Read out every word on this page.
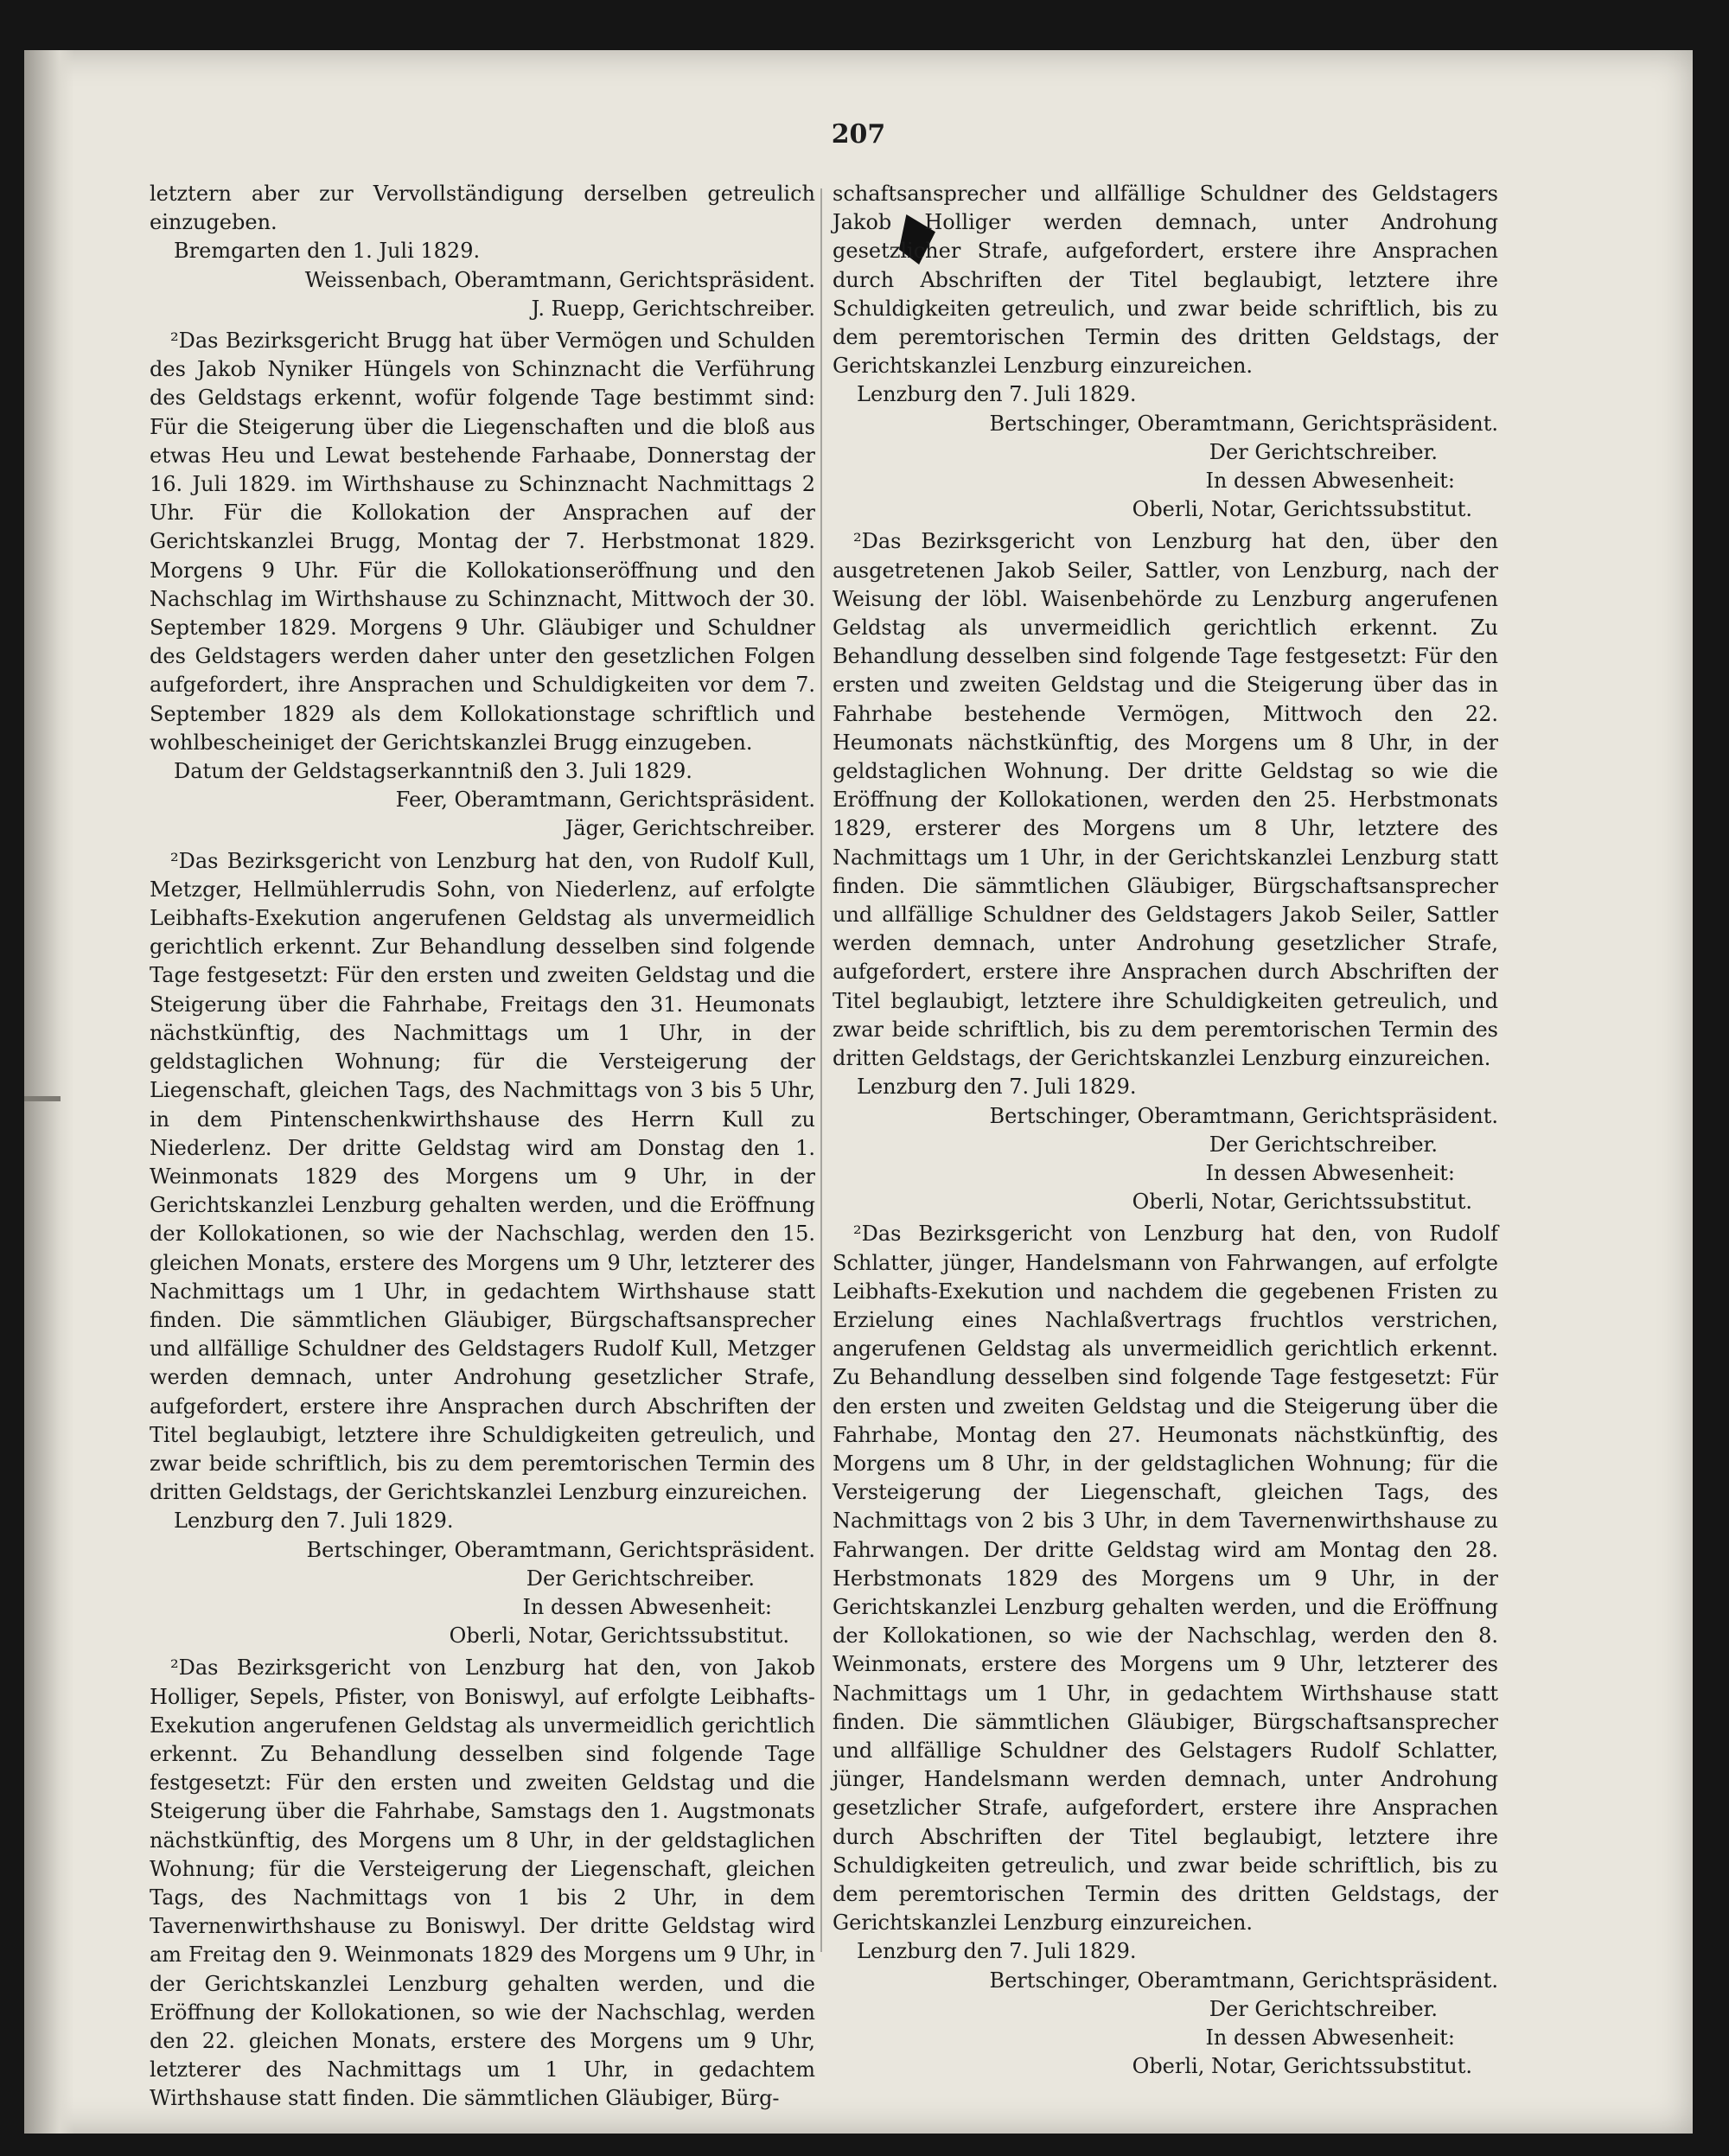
207

letztern aber zur Vervollständigung derselben getreulich einzugeben.

Bremgarten den 1. Juli 1829.

Weissenbach, Oberamtmann, Gerichtspräsident.

J. Ruepp, Gerichtschreiber.

²Das Bezirksgericht Brugg hat über Vermögen und Schulden des Jakob Nyniker Hüngels von Schinznacht die Verführung des Geldstags erkennt, wofür folgende Tage bestimmt sind: Für die Steigerung über die Liegenschaften und die bloß aus etwas Heu und Lewat bestehende Farhaabe, Donnerstag der 16. Juli 1829. im Wirthshause zu Schinznacht Nachmittags 2 Uhr. Für die Kollokation der Ansprachen auf der Gerichtskanzlei Brugg, Montag der 7. Herbstmonat 1829. Morgens 9 Uhr. Für die Kollokationseröffnung und den Nachschlag im Wirthshause zu Schinznacht, Mittwoch der 30. September 1829. Morgens 9 Uhr. Gläubiger und Schuldner des Geldstagers werden daher unter den gesetzlichen Folgen aufgefordert, ihre Ansprachen und Schuldigkeiten vor dem 7. September 1829 als dem Kollokationstage schriftlich und wohlbescheiniget der Gerichtskanzlei Brugg einzugeben.

Datum der Geldstagserkanntniß den 3. Juli 1829.

Feer, Oberamtmann, Gerichtspräsident.

Jäger, Gerichtschreiber.

²Das Bezirksgericht von Lenzburg hat den, von Rudolf Kull, Metzger, Hellmühlerrudis Sohn, von Niederlenz, auf erfolgte Leibhafts-Exekution angerufenen Geldstag als unvermeidlich gerichtlich erkennt. Zur Behandlung desselben sind folgende Tage festgesetzt: Für den ersten und zweiten Geldstag und die Steigerung über die Fahrhabe, Freitags den 31. Heumonats nächstkünftig, des Nachmittags um 1 Uhr, in der geldstaglichen Wohnung; für die Versteigerung der Liegenschaft, gleichen Tags, des Nachmittags von 3 bis 5 Uhr, in dem Pintenschenkwirthshause des Herrn Kull zu Niederlenz. Der dritte Geldstag wird am Donstag den 1. Weinmonats 1829 des Morgens um 9 Uhr, in der Gerichtskanzlei Lenzburg gehalten werden, und die Eröffnung der Kollokationen, so wie der Nachschlag, werden den 15. gleichen Monats, erstere des Morgens um 9 Uhr, letzterer des Nachmittags um 1 Uhr, in gedachtem Wirthshause statt finden. Die sämmtlichen Gläubiger, Bürgschaftsansprecher und allfällige Schuldner des Geldstagers Rudolf Kull, Metzger werden demnach, unter Androhung gesetzlicher Strafe, aufgefordert, erstere ihre Ansprachen durch Abschriften der Titel beglaubigt, letztere ihre Schuldigkeiten getreulich, und zwar beide schriftlich, bis zu dem peremtorischen Termin des dritten Geldstags, der Gerichtskanzlei Lenzburg einzureichen.

Lenzburg den 7. Juli 1829.

Bertschinger, Oberamtmann, Gerichtspräsident.

Der Gerichtschreiber.

In dessen Abwesenheit:

Oberli, Notar, Gerichtssubstitut.

²Das Bezirksgericht von Lenzburg hat den, von Jakob Holliger, Sepels, Pfister, von Boniswyl, auf erfolgte Leibhafts-Exekution angerufenen Geldstag als unvermeidlich gerichtlich erkennt. Zu Behandlung desselben sind folgende Tage festgesetzt: Für den ersten und zweiten Geldstag und die Steigerung über die Fahrhabe, Samstags den 1. Augstmonats nächstkünftig, des Morgens um 8 Uhr, in der geldstaglichen Wohnung; für die Versteigerung der Liegenschaft, gleichen Tags, des Nachmittags von 1 bis 2 Uhr, in dem Tavernenwirthshause zu Boniswyl. Der dritte Geldstag wird am Freitag den 9. Weinmonats 1829 des Morgens um 9 Uhr, in der Gerichtskanzlei Lenzburg gehalten werden, und die Eröffnung der Kollokationen, so wie der Nachschlag, werden den 22. gleichen Monats, erstere des Morgens um 9 Uhr, letzterer des Nachmittags um 1 Uhr, in gedachtem Wirthshause statt finden. Die sämmtlichen Gläubiger, Bürg-

schaftsansprecher und allfällige Schuldner des Geldstagers Jakob Holliger werden demnach, unter Androhung gesetzlicher Strafe, aufgefordert, erstere ihre Ansprachen durch Abschriften der Titel beglaubigt, letztere ihre Schuldigkeiten getreulich, und zwar beide schriftlich, bis zu dem peremtorischen Termin des dritten Geldstags, der Gerichtskanzlei Lenzburg einzureichen.

Lenzburg den 7. Juli 1829.

Bertschinger, Oberamtmann, Gerichtspräsident.

Der Gerichtschreiber.

In dessen Abwesenheit:

Oberli, Notar, Gerichtssubstitut.

²Das Bezirksgericht von Lenzburg hat den, über den ausgetretenen Jakob Seiler, Sattler, von Lenzburg, nach der Weisung der löbl. Waisenbehörde zu Lenzburg angerufenen Geldstag als unvermeidlich gerichtlich erkennt. Zu Behandlung desselben sind folgende Tage festgesetzt: Für den ersten und zweiten Geldstag und die Steigerung über das in Fahrhabe bestehende Vermögen, Mittwoch den 22. Heumonats nächstkünftig, des Morgens um 8 Uhr, in der geldstaglichen Wohnung. Der dritte Geldstag so wie die Eröffnung der Kollokationen, werden den 25. Herbstmonats 1829, ersterer des Morgens um 8 Uhr, letztere des Nachmittags um 1 Uhr, in der Gerichtskanzlei Lenzburg statt finden. Die sämmtlichen Gläubiger, Bürgschaftsansprecher und allfällige Schuldner des Geldstagers Jakob Seiler, Sattler werden demnach, unter Androhung gesetzlicher Strafe, aufgefordert, erstere ihre Ansprachen durch Abschriften der Titel beglaubigt, letztere ihre Schuldigkeiten getreulich, und zwar beide schriftlich, bis zu dem peremtorischen Termin des dritten Geldstags, der Gerichtskanzlei Lenzburg einzureichen.

Lenzburg den 7. Juli 1829.

Bertschinger, Oberamtmann, Gerichtspräsident.

Der Gerichtschreiber.

In dessen Abwesenheit:

Oberli, Notar, Gerichtssubstitut.

²Das Bezirksgericht von Lenzburg hat den, von Rudolf Schlatter, jünger, Handelsmann von Fahrwangen, auf erfolgte Leibhafts-Exekution und nachdem die gegebenen Fristen zu Erzielung eines Nachlaßvertrags fruchtlos verstrichen, angerufenen Geldstag als unvermeidlich gerichtlich erkennt. Zu Behandlung desselben sind folgende Tage festgesetzt: Für den ersten und zweiten Geldstag und die Steigerung über die Fahrhabe, Montag den 27. Heumonats nächstkünftig, des Morgens um 8 Uhr, in der geldstaglichen Wohnung; für die Versteigerung der Liegenschaft, gleichen Tags, des Nachmittags von 2 bis 3 Uhr, in dem Tavernenwirthshause zu Fahrwangen. Der dritte Geldstag wird am Montag den 28. Herbstmonats 1829 des Morgens um 9 Uhr, in der Gerichtskanzlei Lenzburg gehalten werden, und die Eröffnung der Kollokationen, so wie der Nachschlag, werden den 8. Weinmonats, erstere des Morgens um 9 Uhr, letzterer des Nachmittags um 1 Uhr, in gedachtem Wirthshause statt finden. Die sämmtlichen Gläubiger, Bürgschaftsansprecher und allfällige Schuldner des Gelstagers Rudolf Schlatter, jünger, Handelsmann werden demnach, unter Androhung gesetzlicher Strafe, aufgefordert, erstere ihre Ansprachen durch Abschriften der Titel beglaubigt, letztere ihre Schuldigkeiten getreulich, und zwar beide schriftlich, bis zu dem peremtorischen Termin des dritten Geldstags, der Gerichtskanzlei Lenzburg einzureichen.

Lenzburg den 7. Juli 1829.

Bertschinger, Oberamtmann, Gerichtspräsident.

Der Gerichtschreiber.

In dessen Abwesenheit:

Oberli, Notar, Gerichtssubstitut.
